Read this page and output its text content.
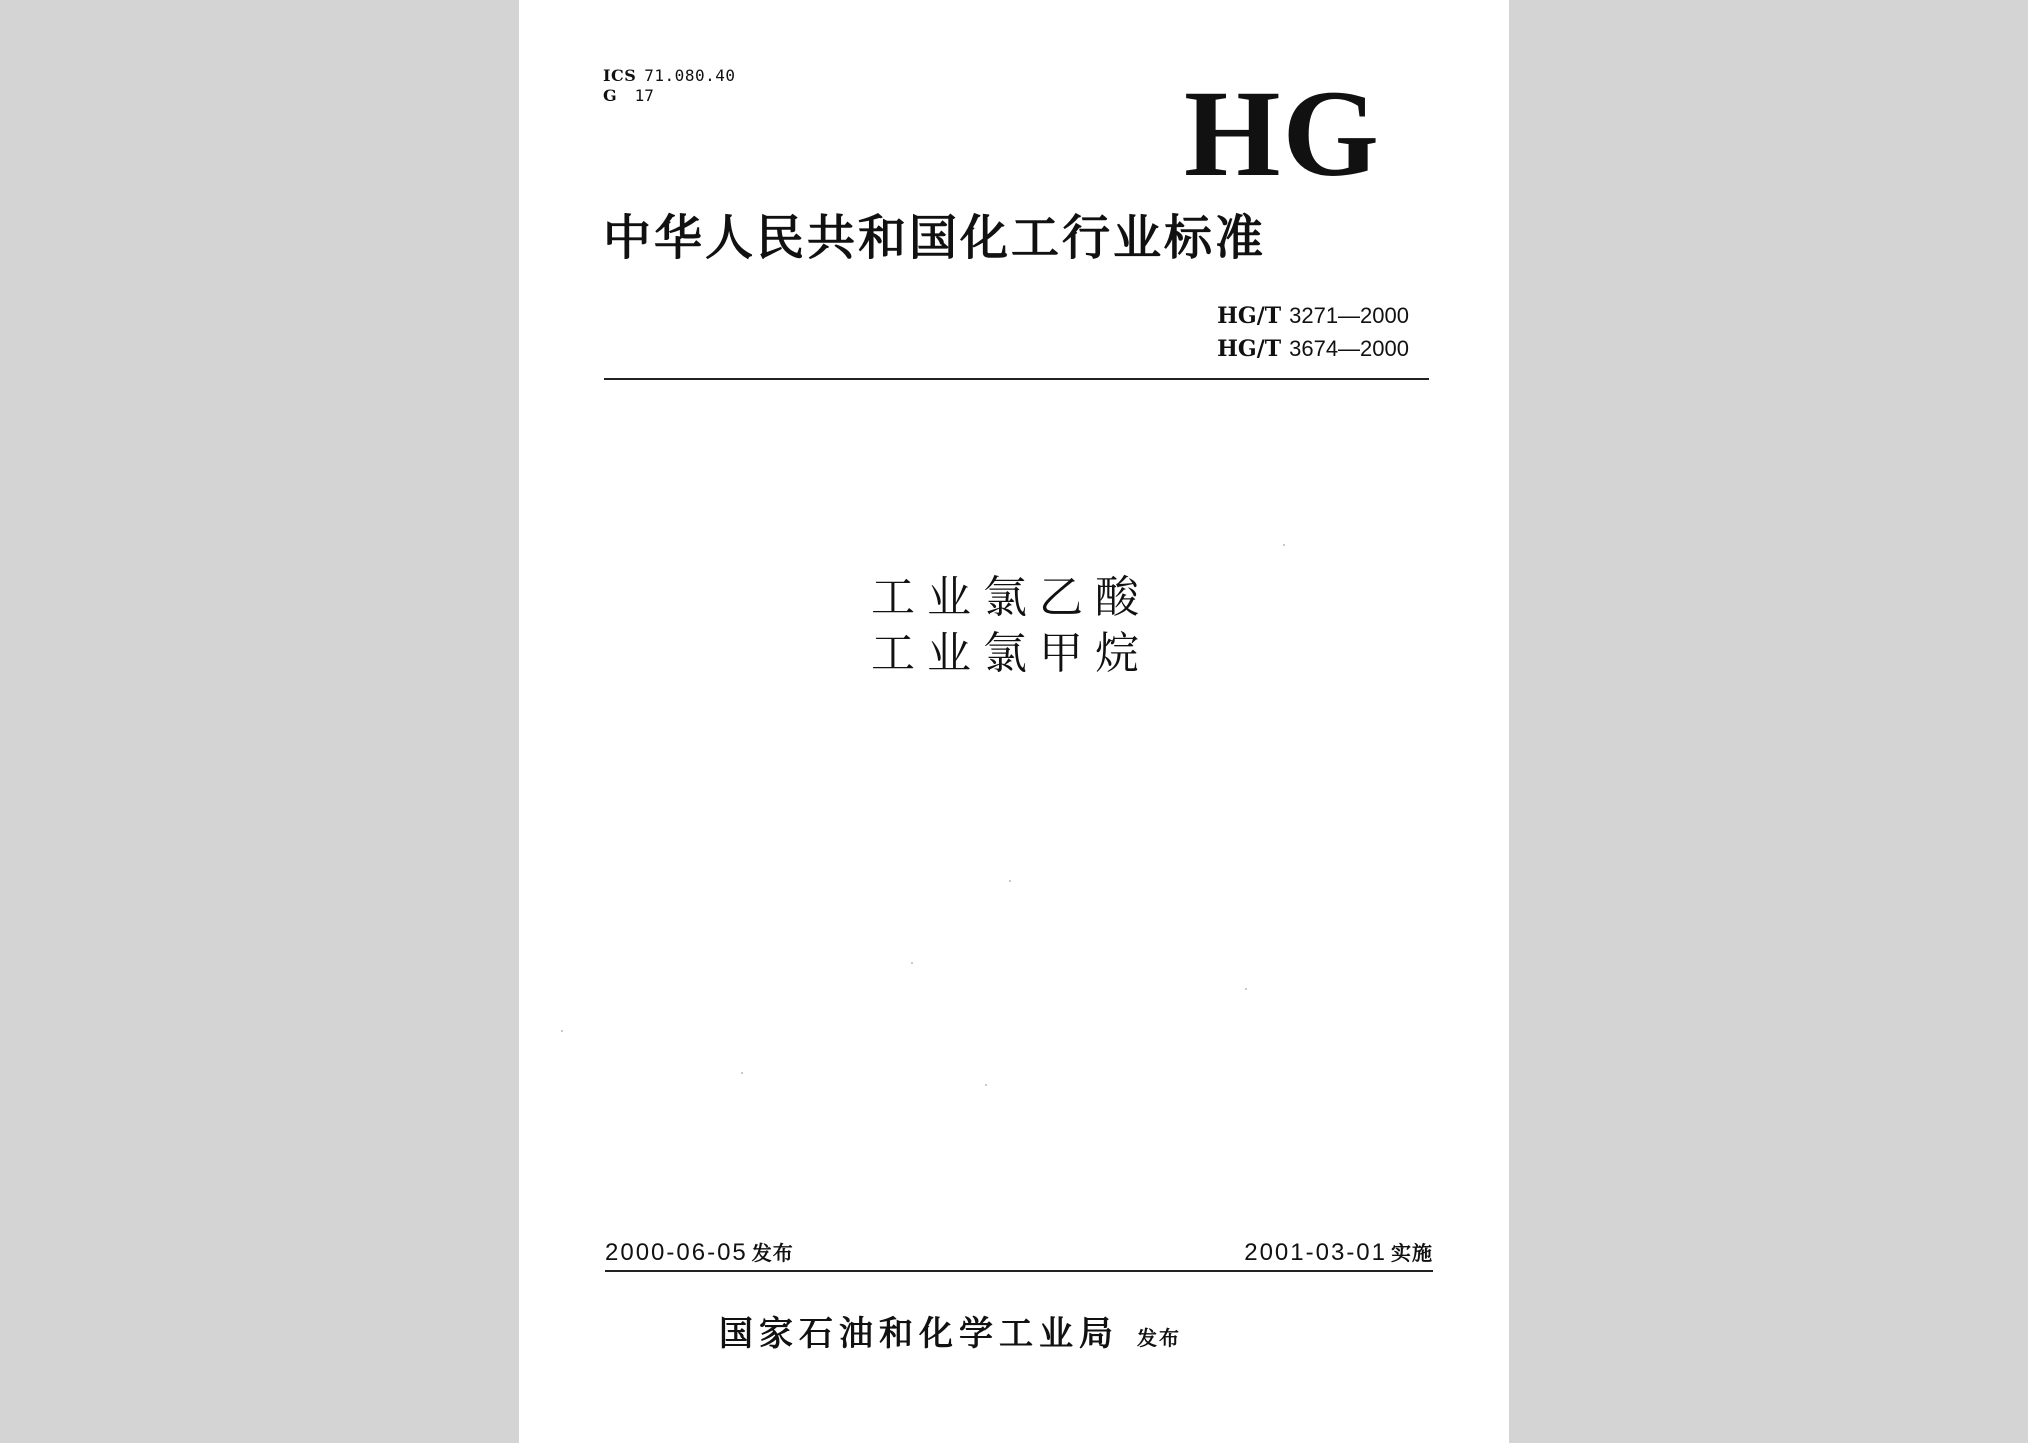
ICS 71.080.40
G 17	HG
中华人民共和国化工行业标准
HG/T 3271—2000
HG/T 3674—2000
工业氯乙酸
工业氯甲烷
2000-06-05 发布	2001-03-01 实施
国家石油和化学工业局 发布
